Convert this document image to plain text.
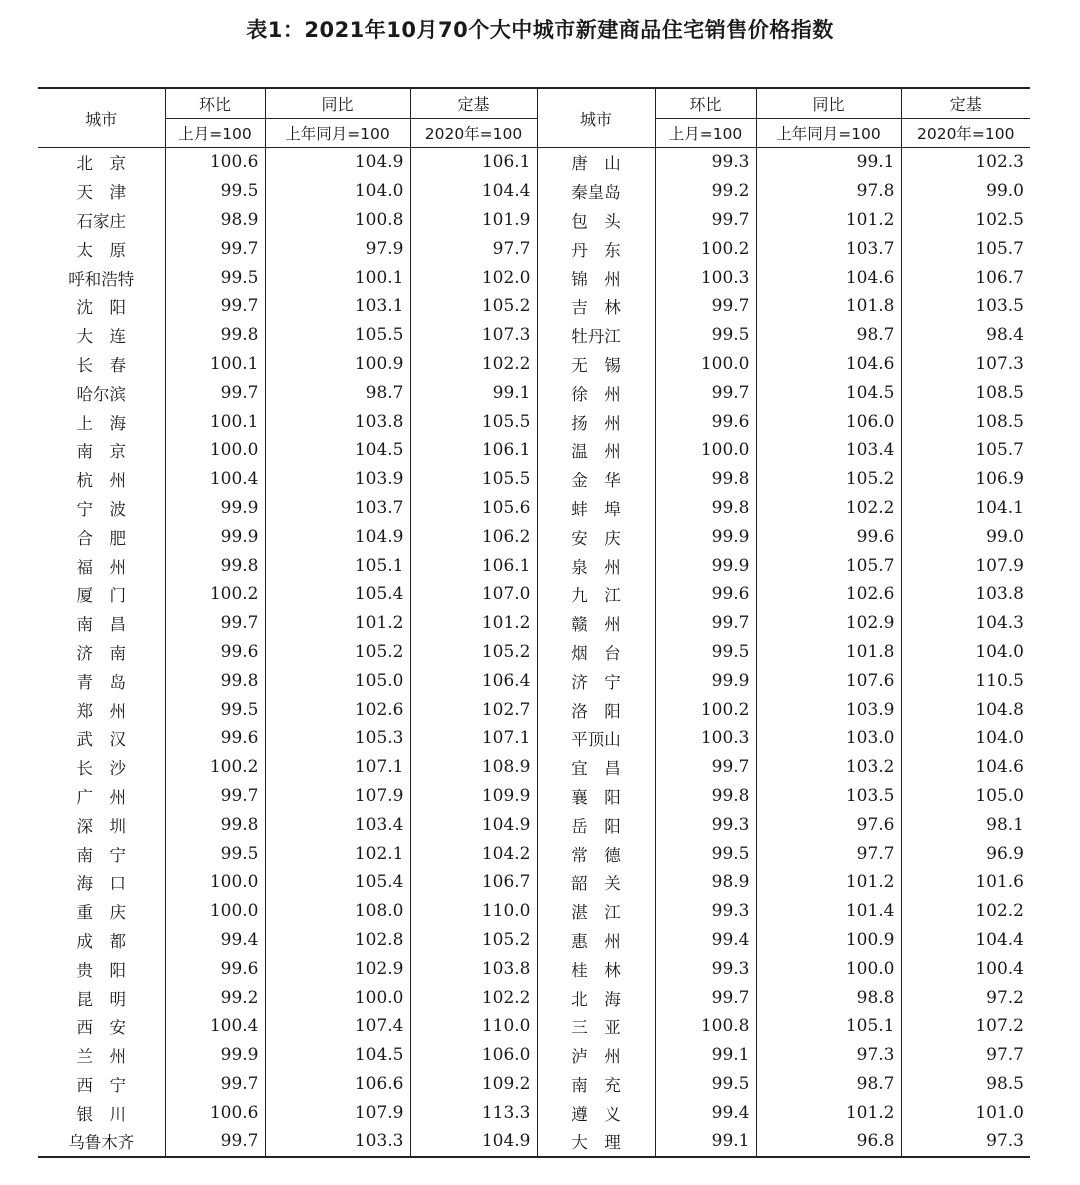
表1：2021年10月70个大中城市新建商品住宅销售价格指数
城市	环比	同比	定基	城市	环比	同比	定基
	上月=100	上年同月=100	2020年=100		上月=100	上年同月=100	2020年=100
北　京	100.6	104.9	106.1	唐　山	99.3	99.1	102.3
天　津	99.5	104.0	104.4	秦皇岛	99.2	97.8	99.0
石家庄	98.9	100.8	101.9	包　头	99.7	101.2	102.5
太　原	99.7	97.9	97.7	丹　东	100.2	103.7	105.7
呼和浩特	99.5	100.1	102.0	锦　州	100.3	104.6	106.7
沈　阳	99.7	103.1	105.2	吉　林	99.7	101.8	103.5
大　连	99.8	105.5	107.3	牡丹江	99.5	98.7	98.4
长　春	100.1	100.9	102.2	无　锡	100.0	104.6	107.3
哈尔滨	99.7	98.7	99.1	徐　州	99.7	104.5	108.5
上　海	100.1	103.8	105.5	扬　州	99.6	106.0	108.5
南　京	100.0	104.5	106.1	温　州	100.0	103.4	105.7
杭　州	100.4	103.9	105.5	金　华	99.8	105.2	106.9
宁　波	99.9	103.7	105.6	蚌　埠	99.8	102.2	104.1
合　肥	99.9	104.9	106.2	安　庆	99.9	99.6	99.0
福　州	99.8	105.1	106.1	泉　州	99.9	105.7	107.9
厦　门	100.2	105.4	107.0	九　江	99.6	102.6	103.8
南　昌	99.7	101.2	101.2	赣　州	99.7	102.9	104.3
济　南	99.6	105.2	105.2	烟　台	99.5	101.8	104.0
青　岛	99.8	105.0	106.4	济　宁	99.9	107.6	110.5
郑　州	99.5	102.6	102.7	洛　阳	100.2	103.9	104.8
武　汉	99.6	105.3	107.1	平顶山	100.3	103.0	104.0
长　沙	100.2	107.1	108.9	宜　昌	99.7	103.2	104.6
广　州	99.7	107.9	109.9	襄　阳	99.8	103.5	105.0
深　圳	99.8	103.4	104.9	岳　阳	99.3	97.6	98.1
南　宁	99.5	102.1	104.2	常　德	99.5	97.7	96.9
海　口	100.0	105.4	106.7	韶　关	98.9	101.2	101.6
重　庆	100.0	108.0	110.0	湛　江	99.3	101.4	102.2
成　都	99.4	102.8	105.2	惠　州	99.4	100.9	104.4
贵　阳	99.6	102.9	103.8	桂　林	99.3	100.0	100.4
昆　明	99.2	100.0	102.2	北　海	99.7	98.8	97.2
西　安	100.4	107.4	110.0	三　亚	100.8	105.1	107.2
兰　州	99.9	104.5	106.0	泸　州	99.1	97.3	97.7
西　宁	99.7	106.6	109.2	南　充	99.5	98.7	98.5
银　川	100.6	107.9	113.3	遵　义	99.4	101.2	101.0
乌鲁木齐	99.7	103.3	104.9	大　理	99.1	96.8	97.3
